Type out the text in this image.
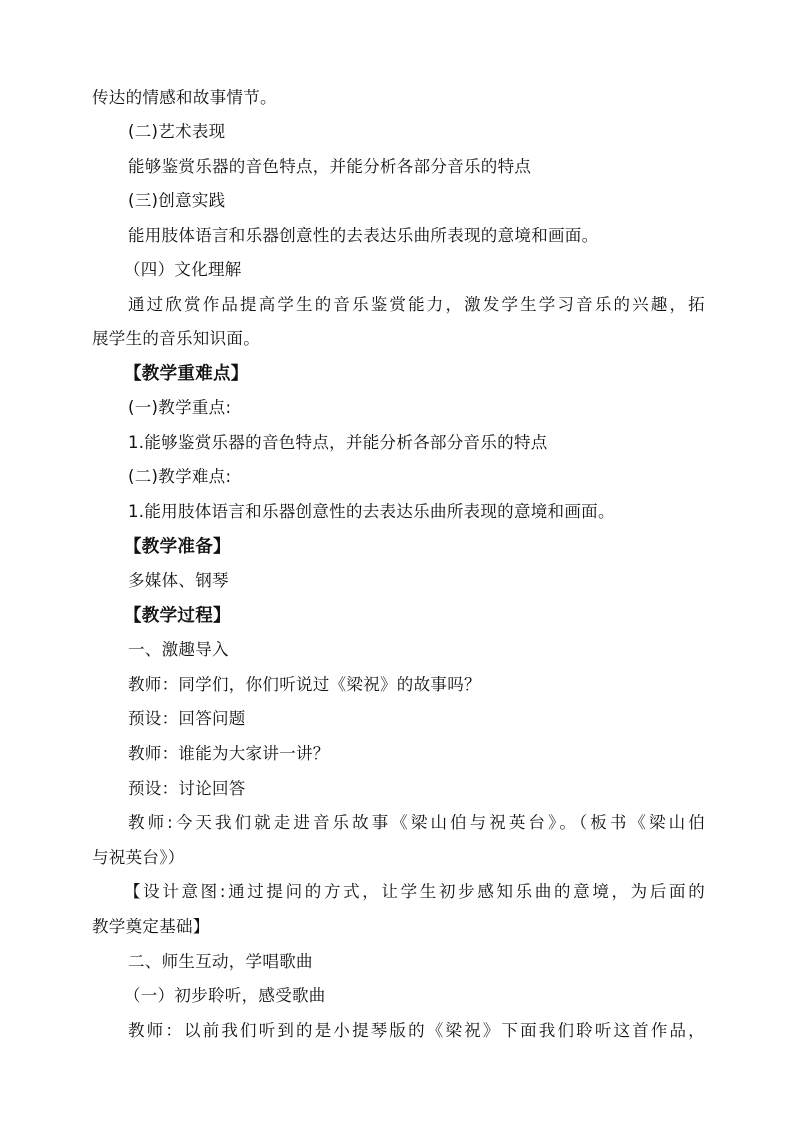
传达的情感和故事情节。
(二)艺术表现
能够鉴赏乐器的音色特点，并能分析各部分音乐的特点
(三)创意实践
能用肢体语言和乐器创意性的去表达乐曲所表现的意境和画面。
（四）文化理解
通过欣赏作品提高学生的音乐鉴赏能力，激发学生学习音乐的兴趣，拓
展学生的音乐知识面。
【教学重难点】
(一)教学重点:
1.能够鉴赏乐器的音色特点，并能分析各部分音乐的特点
(二)教学难点:
1.能用肢体语言和乐器创意性的去表达乐曲所表现的意境和画面。
【教学准备】
多媒体、钢琴
【教学过程】
一、激趣导入
教师：同学们，你们听说过《梁祝》的故事吗？
预设：回答问题
教师：谁能为大家讲一讲？
预设：讨论回答
教师:今天我们就走进音乐故事《梁山伯与祝英台》。（板书《梁山伯
与祝英台》）
【设计意图:通过提问的方式，让学生初步感知乐曲的意境，为后面的
教学奠定基础】
二、师生互动，学唱歌曲
（一）初步聆听，感受歌曲
教师：以前我们听到的是小提琴版的《梁祝》下面我们聆听这首作品，
